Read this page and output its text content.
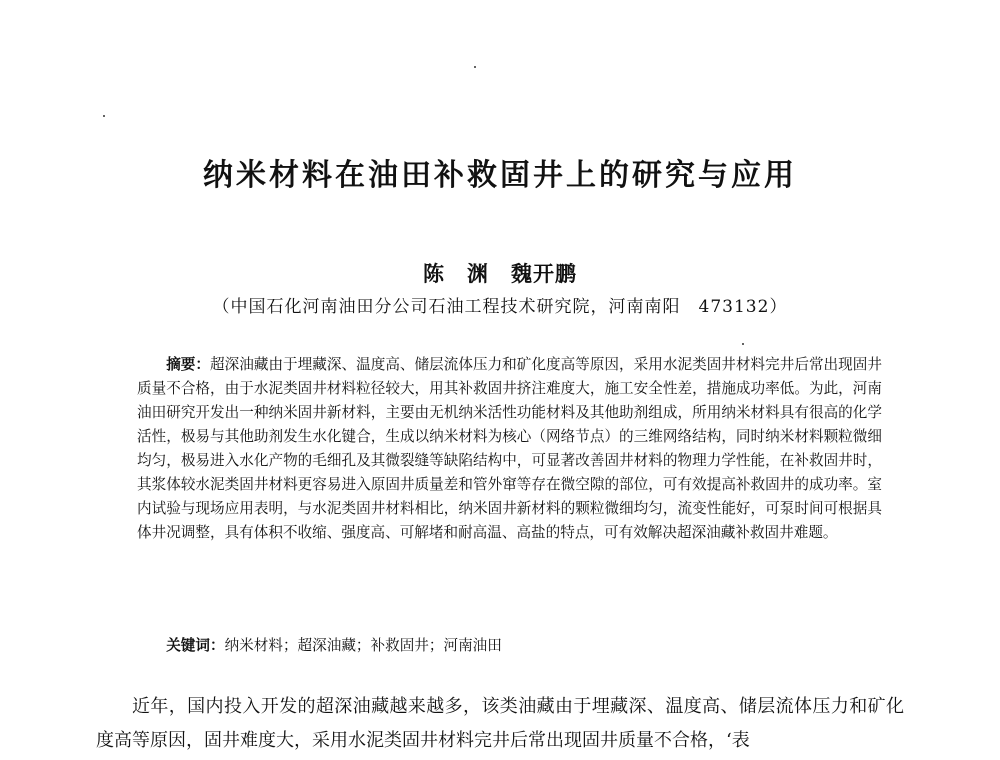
纳米材料在油田补救固井上的研究与应用
陈　渊　魏开鹏
（中国石化河南油田分公司石油工程技术研究院，河南南阳　473132）
摘要：超深油藏由于埋藏深、温度高、储层流体压力和矿化度高等原因，采用水泥类固井材料完井后常出现固井质量不合格，由于水泥类固井材料粒径较大，用其补救固井挤注难度大，施工安全性差，措施成功率低。为此，河南油田研究开发出一种纳米固井新材料，主要由无机纳米活性功能材料及其他助剂组成，所用纳米材料具有很高的化学活性，极易与其他助剂发生水化键合，生成以纳米材料为核心（网络节点）的三维网络结构，同时纳米材料颗粒微细均匀，极易进入水化产物的毛细孔及其微裂缝等缺陷结构中，可显著改善固井材料的物理力学性能，在补救固井时，其浆体较水泥类固井材料更容易进入原固井质量差和管外窜等存在微空隙的部位，可有效提高补救固井的成功率。室内试验与现场应用表明，与水泥类固井材料相比，纳米固井新材料的颗粒微细均匀，流变性能好，可泵时间可根据具体井况调整，具有体积不收缩、强度高、可解堵和耐高温、高盐的特点，可有效解决超深油藏补救固井难题。
关键词：纳米材料；超深油藏；补救固井；河南油田
近年，国内投入开发的超深油藏越来越多，该类油藏由于埋藏深、温度高、储层流体压力和矿化度高等原因，固井难度大，采用水泥类固井材料完井后常出现固井质量不合格，‘表
